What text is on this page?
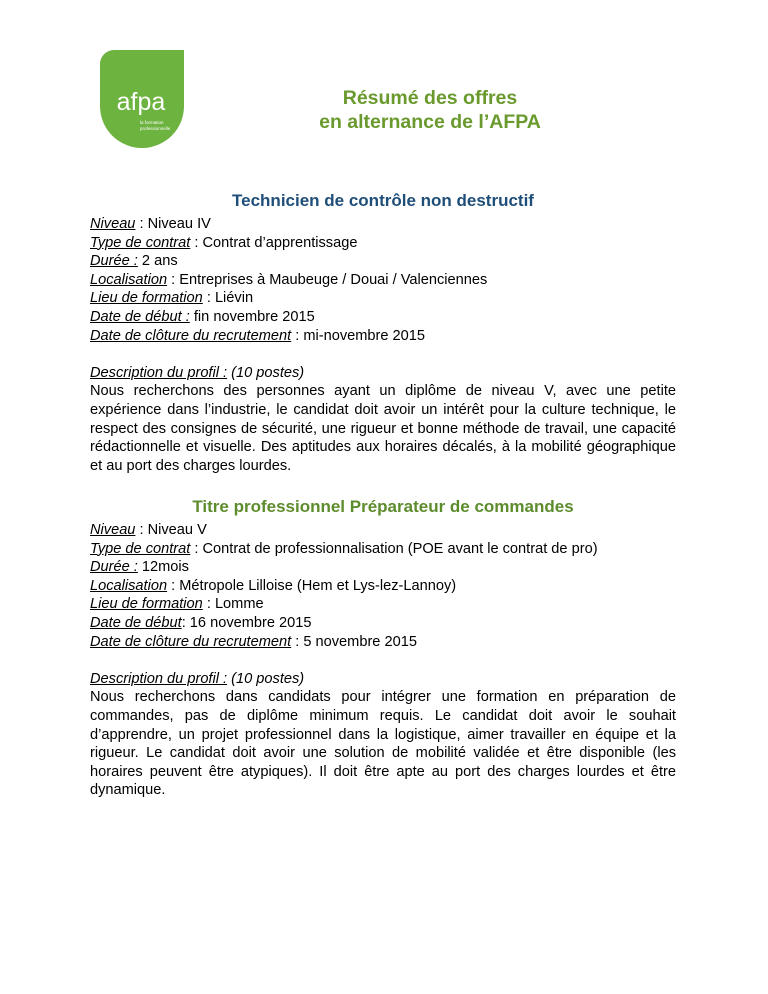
afpa
la formation
professionnelle
Résumé des offres
en alternance de l’AFPA
Technicien de contrôle non destructif
Niveau : Niveau IV
Type de contrat : Contrat d’apprentissage
Durée : 2 ans
Localisation : Entreprises à Maubeuge / Douai / Valenciennes
Lieu de formation : Liévin
Date de début : fin novembre 2015
Date de clôture du recrutement : mi-novembre 2015
Description du profil : (10 postes)
Nous recherchons des personnes ayant un diplôme de niveau V, avec une petite expérience dans l’industrie, le candidat doit avoir un intérêt pour la culture technique, le respect des consignes de sécurité, une rigueur et bonne méthode de travail, une capacité rédactionnelle et visuelle. Des aptitudes aux horaires décalés, à la mobilité géographique et au port des charges lourdes.
Titre professionnel Préparateur de commandes
Niveau : Niveau V
Type de contrat : Contrat de professionnalisation (POE avant le contrat de pro)
Durée : 12mois
Localisation : Métropole Lilloise (Hem et Lys-lez-Lannoy)
Lieu de formation : Lomme
Date de début: 16 novembre 2015
Date de clôture du recrutement : 5 novembre 2015
Description du profil : (10 postes)
Nous recherchons dans candidats pour intégrer une formation en préparation de commandes, pas de diplôme minimum requis. Le candidat doit avoir le souhait d’apprendre, un projet professionnel dans la logistique, aimer travailler en équipe et la rigueur. Le candidat doit avoir une solution de mobilité validée et être disponible (les horaires peuvent être atypiques). Il doit être apte au port des charges lourdes et être dynamique.
